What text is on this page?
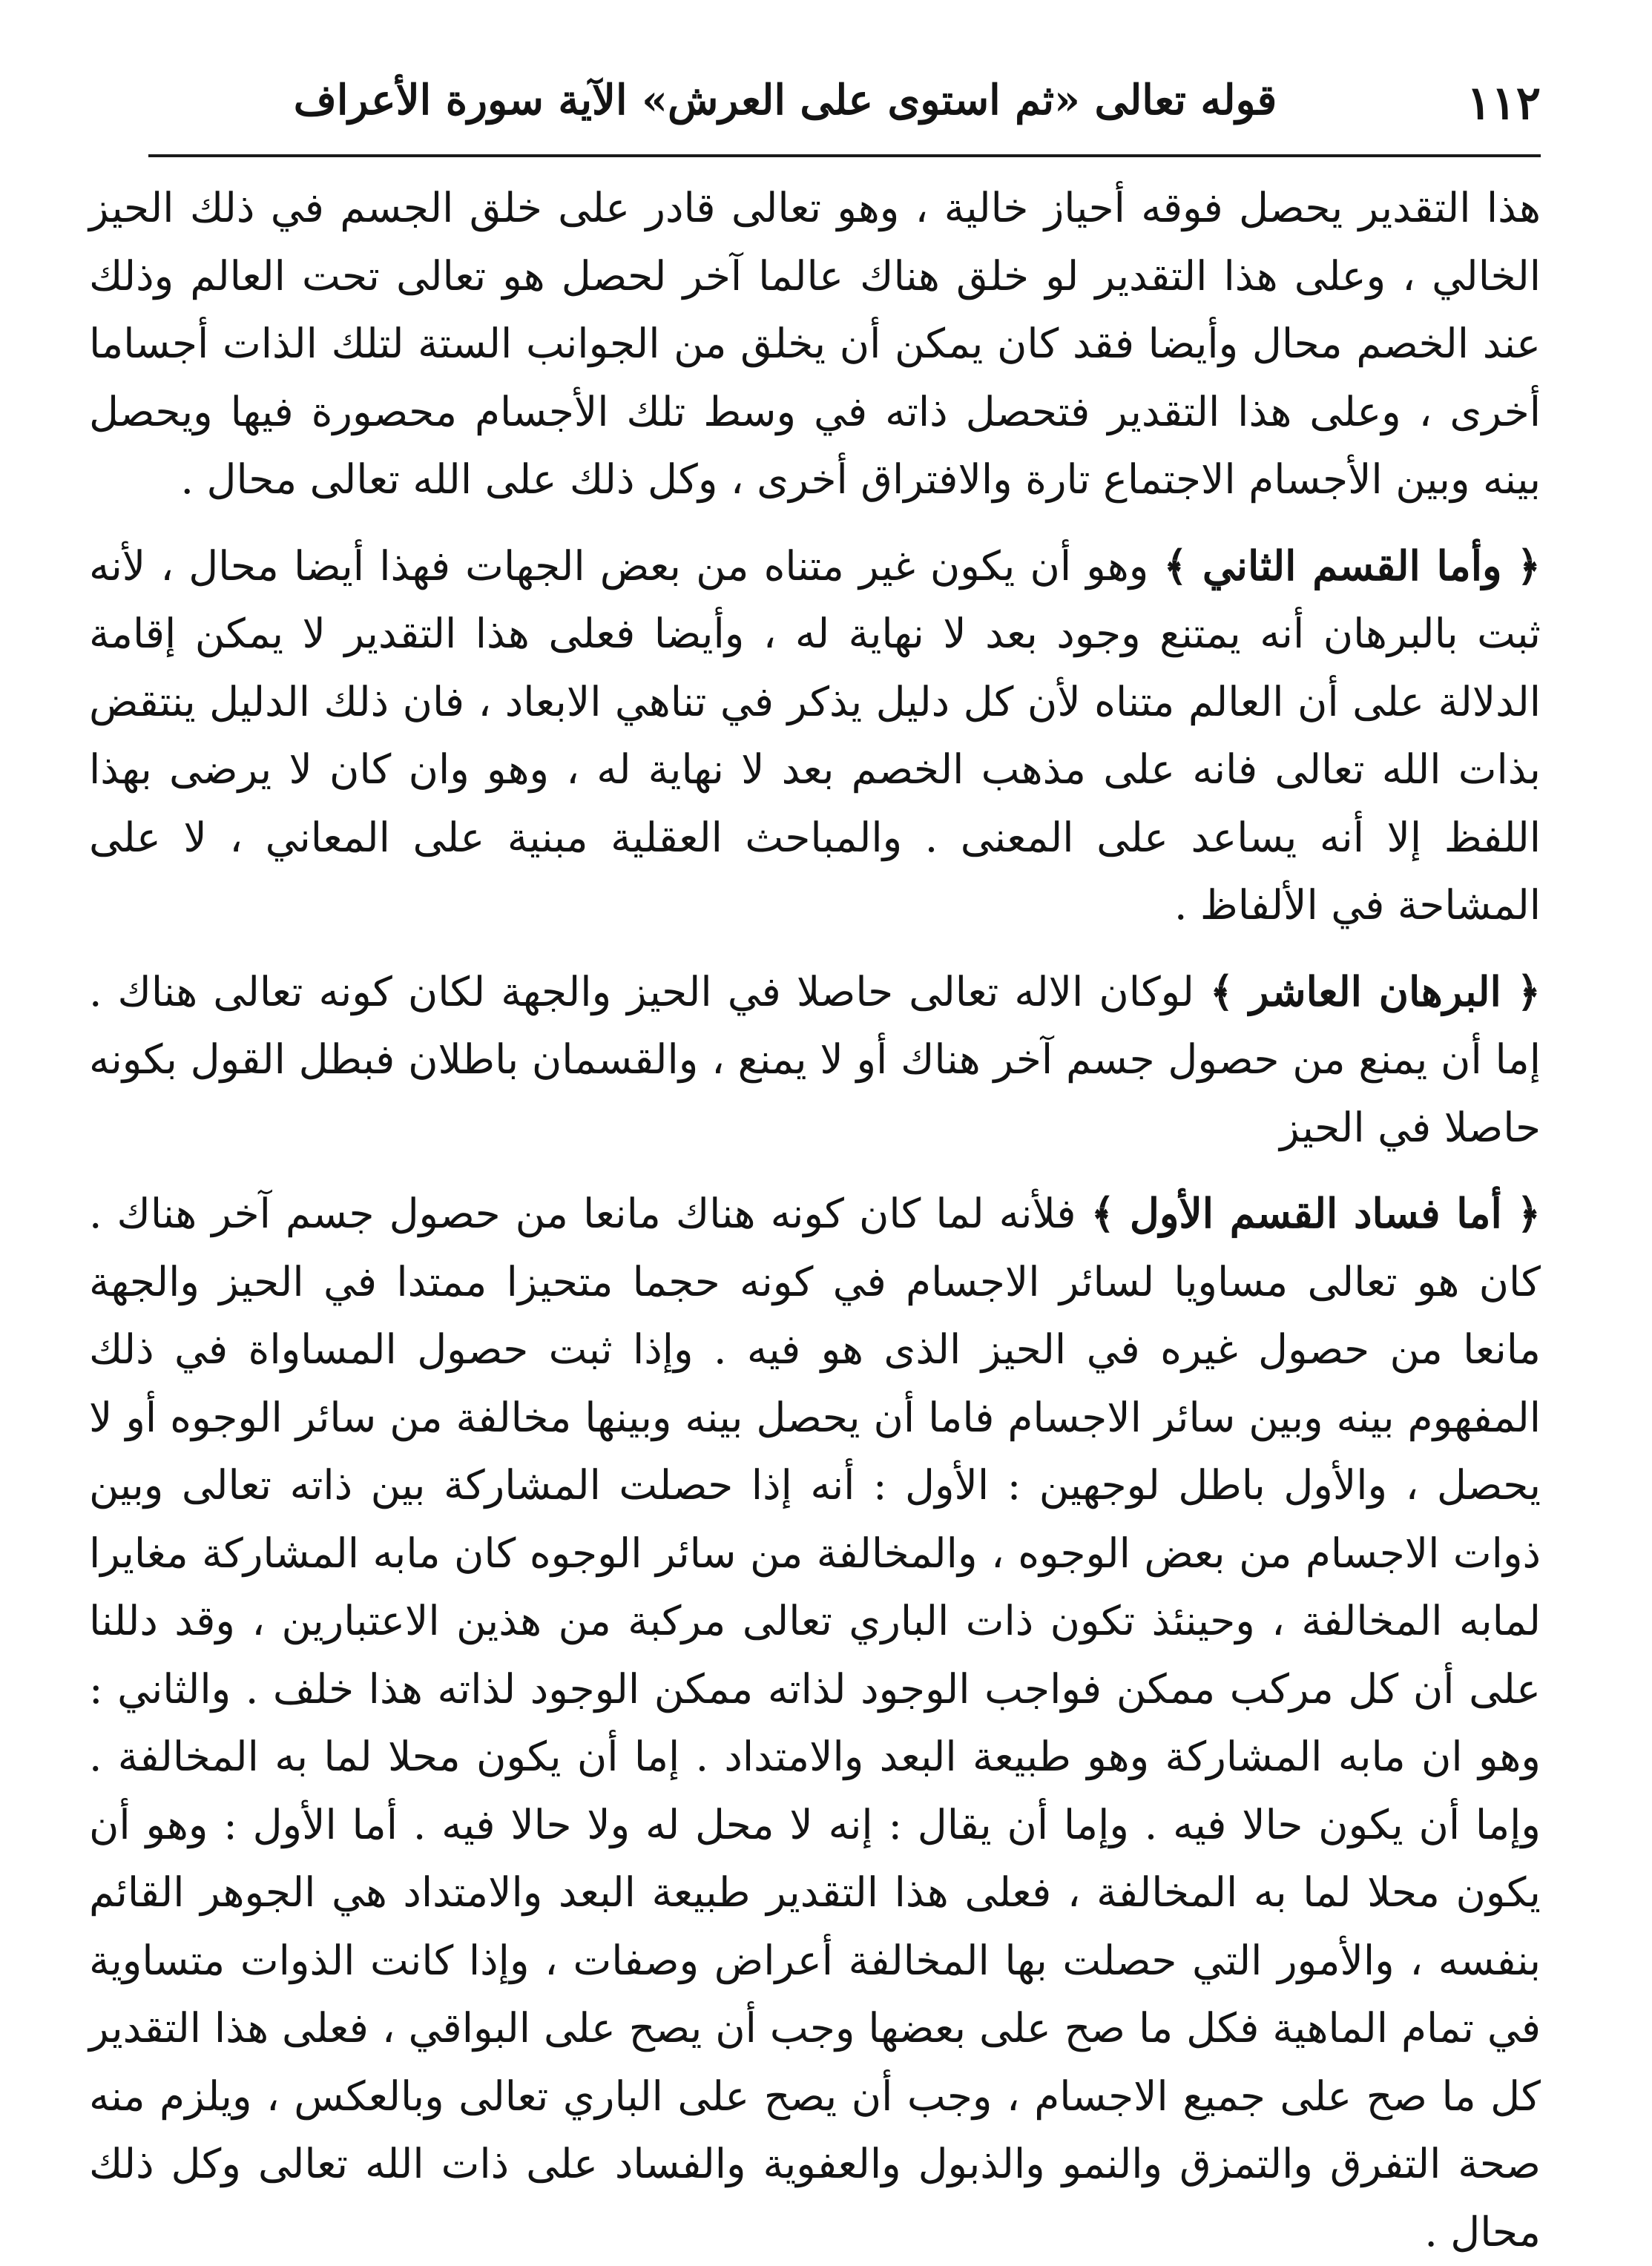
١١٢
قوله تعالى «ثم استوى على العرش» الآية سورة الأعراف

هذا التقدير يحصل فوقه أحياز خالية ، وهو تعالى قادر على خلق الجسم في ذلك الحيز الخالي ، وعلى هذا التقدير لو خلق هناك عالما آخر لحصل هو تعالى تحت العالم وذلك عند الخصم محال وأيضا فقد كان يمكن أن يخلق من الجوانب الستة لتلك الذات أجساما أخرى ، وعلى هذا التقدير فتحصل ذاته في وسط تلك الأجسام محصورة فيها ويحصل بينه وبين الأجسام الاجتماع تارة والافتراق أخرى ، وكل ذلك على الله تعالى محال .

﴿ وأما القسم الثاني ﴾ وهو أن يكون غير متناه من بعض الجهات فهذا أيضا محال ، لأنه ثبت بالبرهان أنه يمتنع وجود بعد لا نهاية له ، وأيضا فعلى هذا التقدير لا يمكن إقامة الدلالة على أن العالم متناه لأن كل دليل يذكر في تناهي الابعاد ، فان ذلك الدليل ينتقض بذات الله تعالى فانه على مذهب الخصم بعد لا نهاية له ، وهو وان كان لا يرضى بهذا اللفظ إلا أنه يساعد على المعنى . والمباحث العقلية مبنية على المعاني ، لا على المشاحة في الألفاظ .

﴿ البرهان العاشر ﴾ لوكان الاله تعالى حاصلا في الحيز والجهة لكان كونه تعالى هناك . إما أن يمنع من حصول جسم آخر هناك أو لا يمنع ، والقسمان باطلان فبطل القول بكونه حاصلا في الحيز

﴿ أما فساد القسم الأول ﴾ فلأنه لما كان كونه هناك مانعا من حصول جسم آخر هناك . كان هو تعالى مساويا لسائر الاجسام في كونه حجما متحيزا ممتدا في الحيز والجهة مانعا من حصول غيره في الحيز الذى هو فيه . وإذا ثبت حصول المساواة في ذلك المفهوم بينه وبين سائر الاجسام فاما أن يحصل بينه وبينها مخالفة من سائر الوجوه أو لا يحصل ، والأول باطل لوجهين : الأول : أنه إذا حصلت المشاركة بين ذاته تعالى وبين ذوات الاجسام من بعض الوجوه ، والمخالفة من سائر الوجوه كان مابه المشاركة مغايرا لمابه المخالفة ، وحينئذ تكون ذات الباري تعالى مركبة من هذين الاعتبارين ، وقد دللنا على أن كل مركب ممكن فواجب الوجود لذاته ممكن الوجود لذاته هذا خلف . والثاني : وهو ان مابه المشاركة وهو طبيعة البعد والامتداد . إما أن يكون محلا لما به المخالفة . وإما أن يكون حالا فيه . وإما أن يقال : إنه لا محل له ولا حالا فيه . أما الأول : وهو أن يكون محلا لما به المخالفة ، فعلى هذا التقدير طبيعة البعد والامتداد هي الجوهر القائم بنفسه ، والأمور التي حصلت بها المخالفة أعراض وصفات ، وإذا كانت الذوات متساوية في تمام الماهية فكل ما صح على بعضها وجب أن يصح على البواقي ، فعلى هذا التقدير كل ما صح على جميع الاجسام ، وجب أن يصح على الباري تعالى وبالعكس ، ويلزم منه صحة التفرق والتمزق والنمو والذبول والعفوية والفساد على ذات الله تعالى وكل ذلك محال .
